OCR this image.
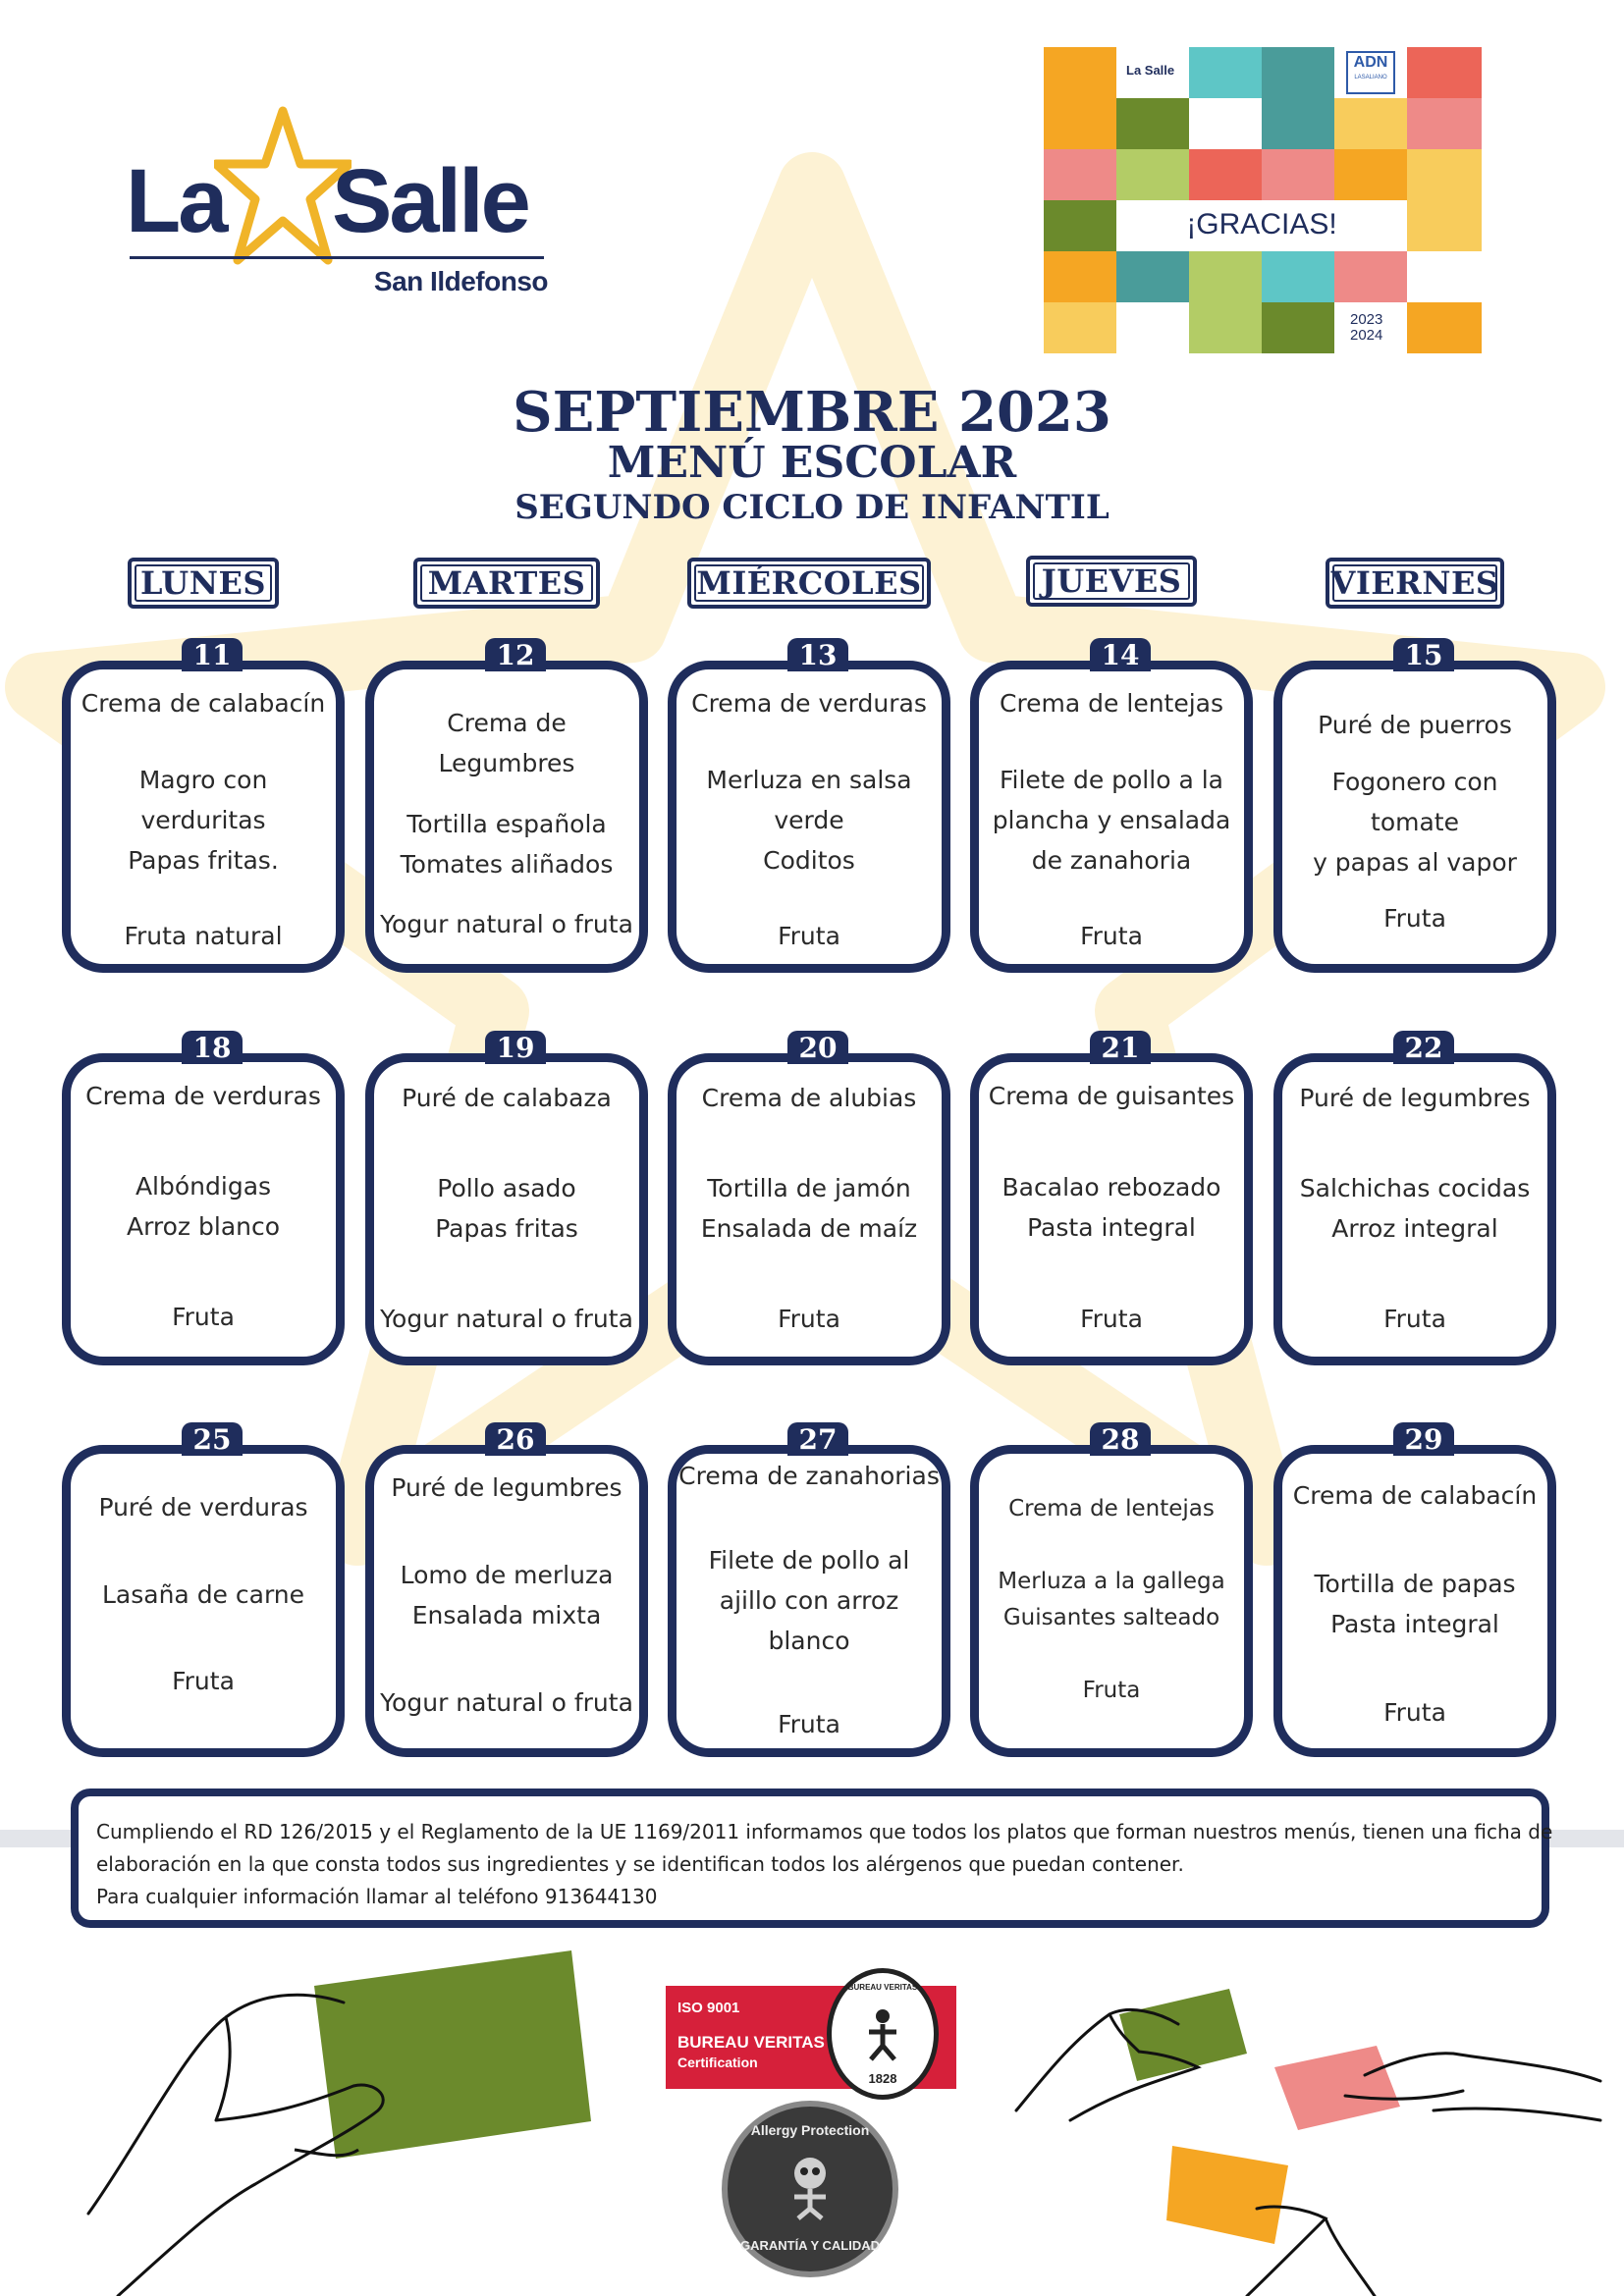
La Salle
San Ildefonso
La Salle	ADN
LASALIANO
¡GRACIAS!
2023
2024
SEPTIEMBRE 2023
MENÚ ESCOLAR
SEGUNDO CICLO DE INFANTIL
LUNES	MARTES	MIÉRCOLES	JUEVES	VIERNES
11
Crema de calabacín
Magro con
verduritas
Papas fritas.
Fruta natural
12
Crema de Legumbres
Tortilla española
Tomates aliñados
Yogur natural o fruta
13
Crema de verduras
Merluza en salsa
verde
Coditos
Fruta
14
Crema de lentejas
Filete de pollo a la
plancha y ensalada
de zanahoria
Fruta
15
Puré de puerros
Fogonero con tomate
y papas al vapor
Fruta
18
Crema de verduras
Albóndigas
Arroz blanco
Fruta
19
Puré de calabaza
Pollo asado
Papas fritas
Yogur natural o fruta
20
Crema de alubias
Tortilla de jamón
Ensalada de maíz
Fruta
21
Crema de guisantes
Bacalao rebozado
Pasta integral
Fruta
22
Puré de legumbres
Salchichas cocidas
Arroz integral
Fruta
25
Puré de verduras
Lasaña de carne
Fruta
26
Puré de legumbres
Lomo de merluza
Ensalada mixta
Yogur natural o fruta
27
Crema de zanahorias
Filete de pollo al
ajillo con arroz
blanco
Fruta
28
Crema de lentejas
Merluza a la gallega
Guisantes salteado
Fruta
29
Crema de calabacín
Tortilla de papas
Pasta integral
Fruta
Cumpliendo el RD 126/2015 y el Reglamento de la UE 1169/2011 informamos que todos los platos que forman nuestros menús, tienen una ficha de
elaboración en la que consta todos sus ingredientes y se identifican todos los alérgenos que puedan contener.
Para cualquier información llamar al teléfono 913644130
ISO 9001
BUREAU VERITAS
Certification
BUREAU VERITAS
1828
Allergy Protection
GARANTÍA Y CALIDAD
